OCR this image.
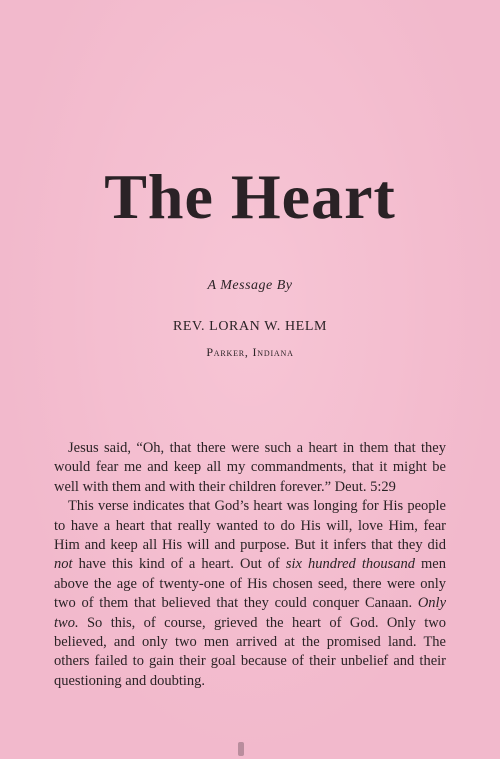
The Heart
A Message By
REV. LORAN W. HELM
Parker, Indiana

Jesus said, “Oh, that there were such a heart in them that they would fear me and keep all my commandments, that it might be well with them and with their children forever.” Deut. 5:29

This verse indicates that God’s heart was longing for His people to have a heart that really wanted to do His will, love Him, fear Him and keep all His will and purpose. But it infers that they did not have this kind of a heart. Out of six hundred thousand men above the age of twenty-one of His chosen seed, there were only two of them that believed that they could conquer Canaan. Only two. So this, of course, grieved the heart of God. Only two believed, and only two men arrived at the promised land. The others failed to gain their goal because of their unbelief and their questioning and doubting.
